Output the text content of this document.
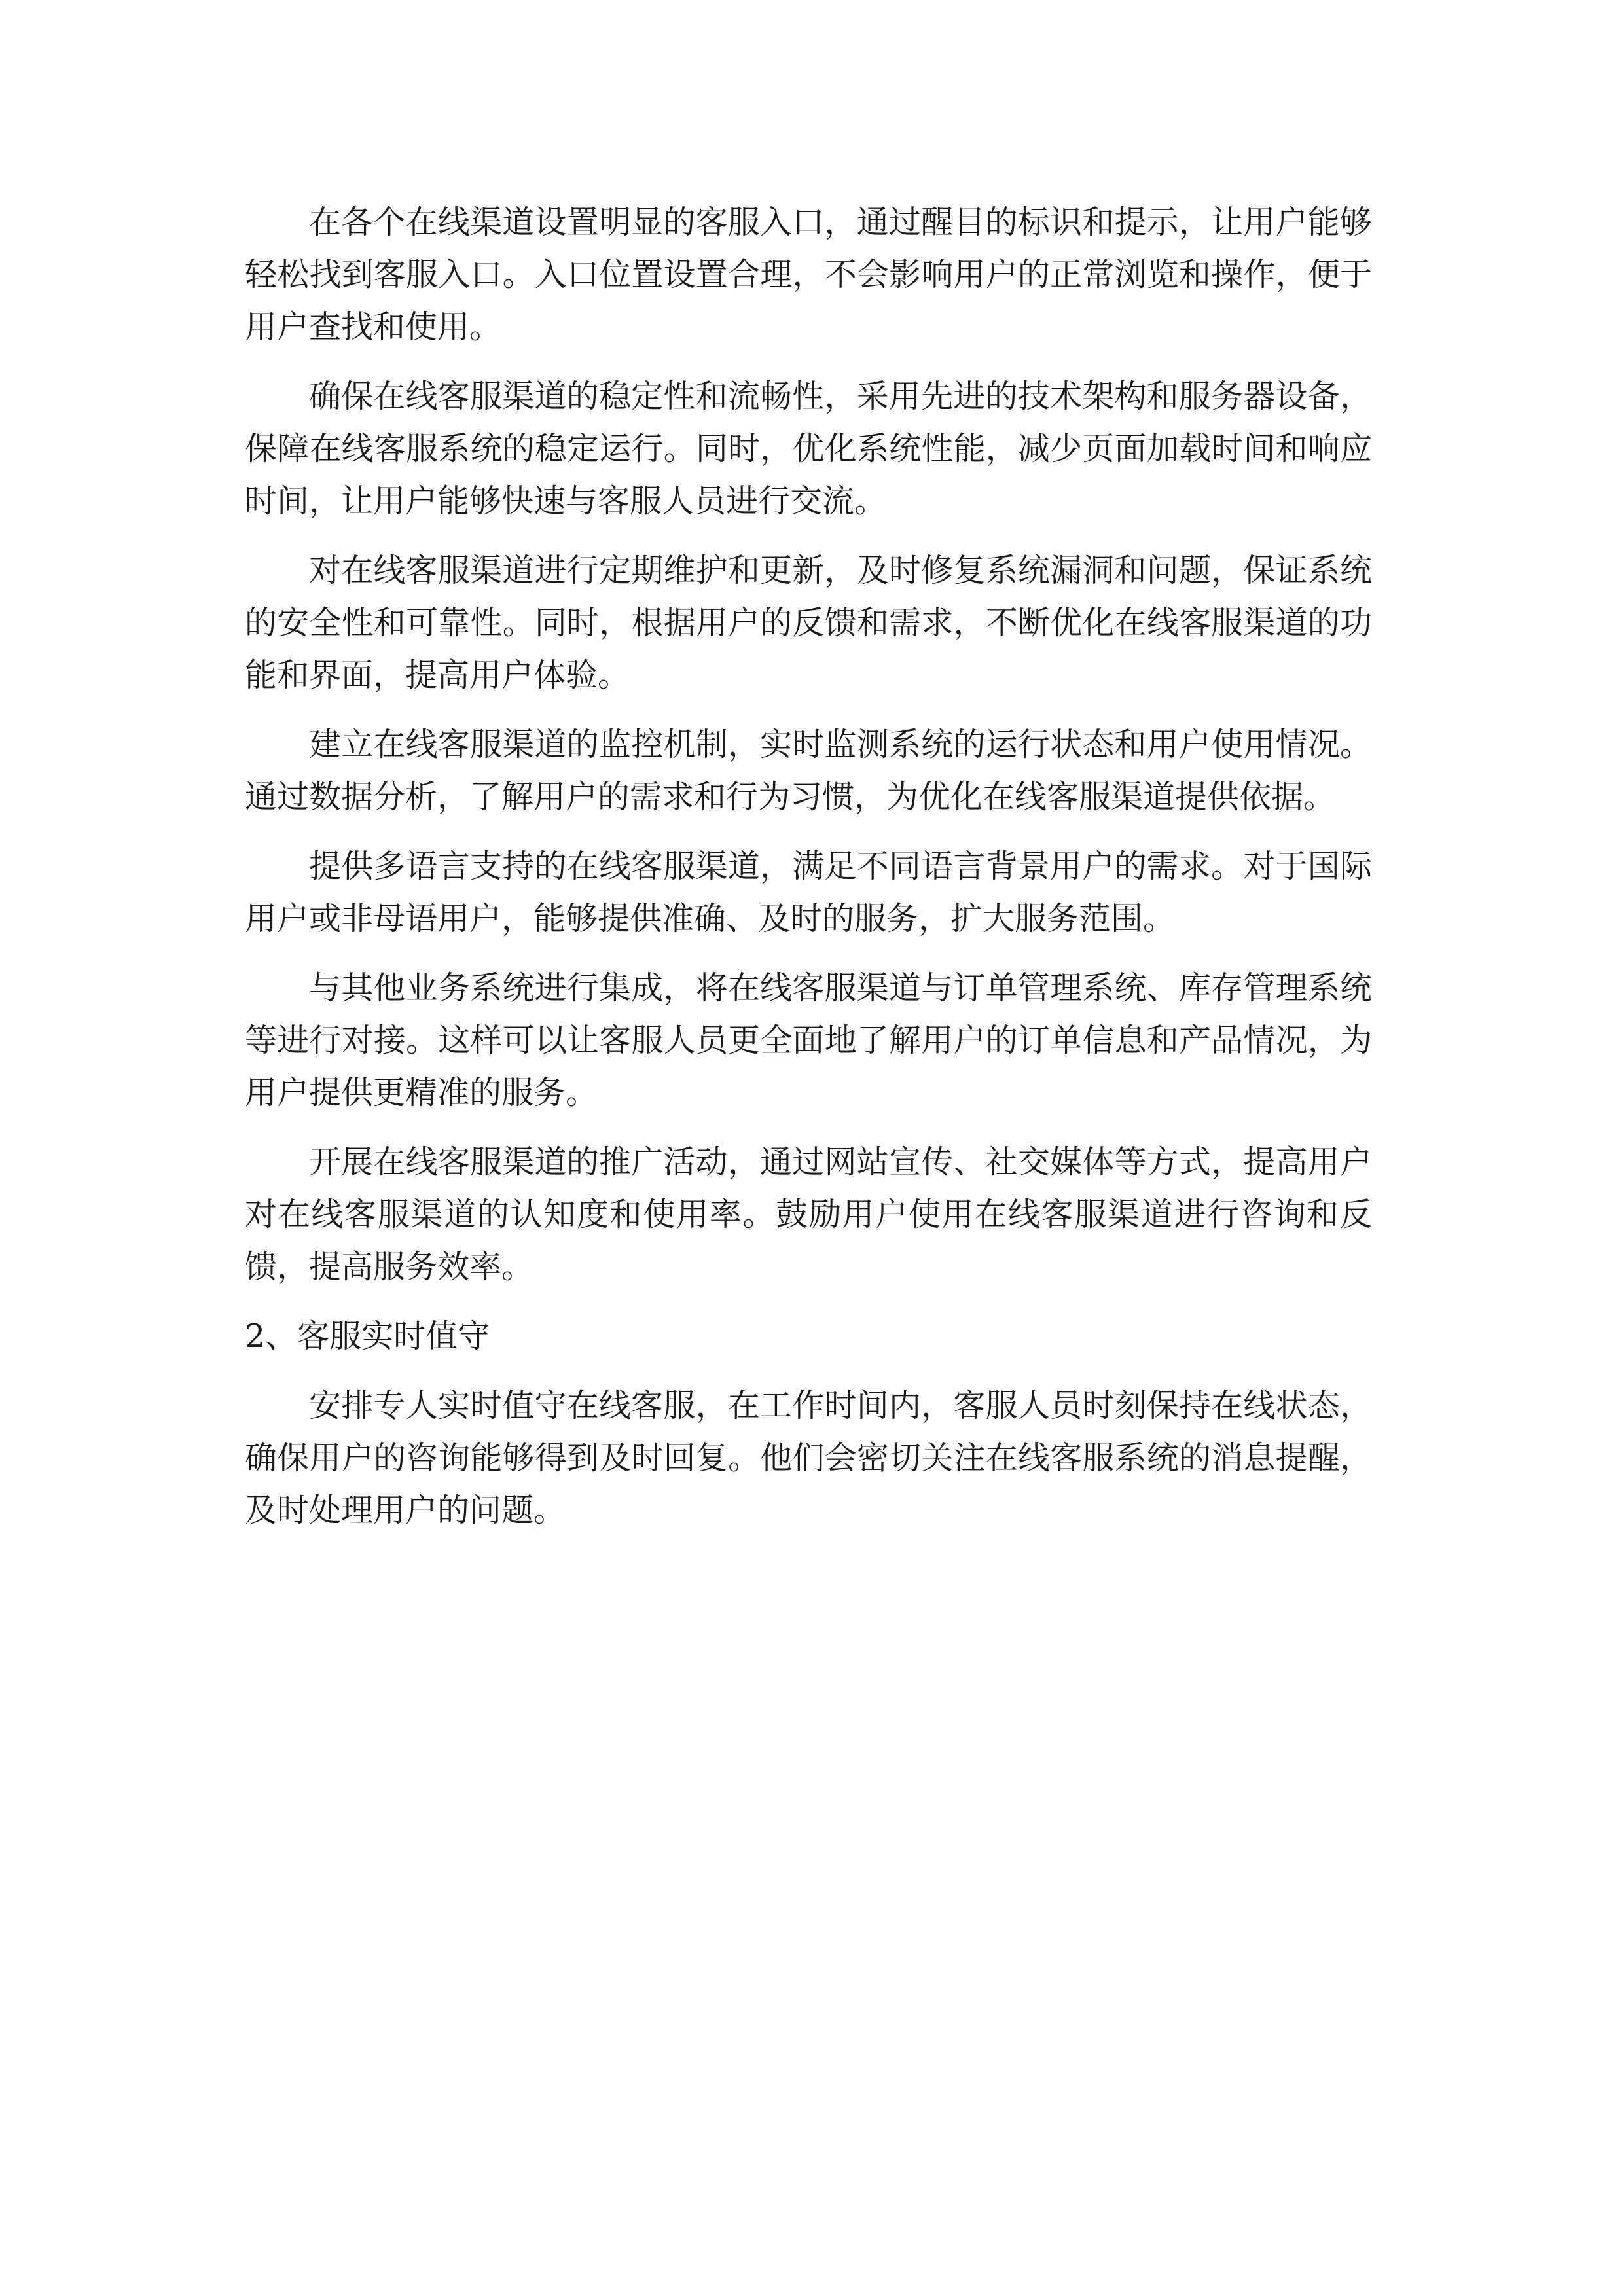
在各个在线渠道设置明显的客服入口，通过醒目的标识和提示，让用户能够轻松找到客服入口。入口位置设置合理，不会影响用户的正常浏览和操作，便于用户查找和使用。

确保在线客服渠道的稳定性和流畅性，采用先进的技术架构和服务器设备，保障在线客服系统的稳定运行。同时，优化系统性能，减少页面加载时间和响应时间，让用户能够快速与客服人员进行交流。

对在线客服渠道进行定期维护和更新，及时修复系统漏洞和问题，保证系统的安全性和可靠性。同时，根据用户的反馈和需求，不断优化在线客服渠道的功能和界面，提高用户体验。

建立在线客服渠道的监控机制，实时监测系统的运行状态和用户使用情况。通过数据分析，了解用户的需求和行为习惯，为优化在线客服渠道提供依据。

提供多语言支持的在线客服渠道，满足不同语言背景用户的需求。对于国际用户或非母语用户，能够提供准确、及时的服务，扩大服务范围。

与其他业务系统进行集成，将在线客服渠道与订单管理系统、库存管理系统等进行对接。这样可以让客服人员更全面地了解用户的订单信息和产品情况，为用户提供更精准的服务。

开展在线客服渠道的推广活动，通过网站宣传、社交媒体等方式，提高用户对在线客服渠道的认知度和使用率。鼓励用户使用在线客服渠道进行咨询和反馈，提高服务效率。

2、客服实时值守

安排专人实时值守在线客服，在工作时间内，客服人员时刻保持在线状态，确保用户的咨询能够得到及时回复。他们会密切关注在线客服系统的消息提醒，及时处理用户的问题。
